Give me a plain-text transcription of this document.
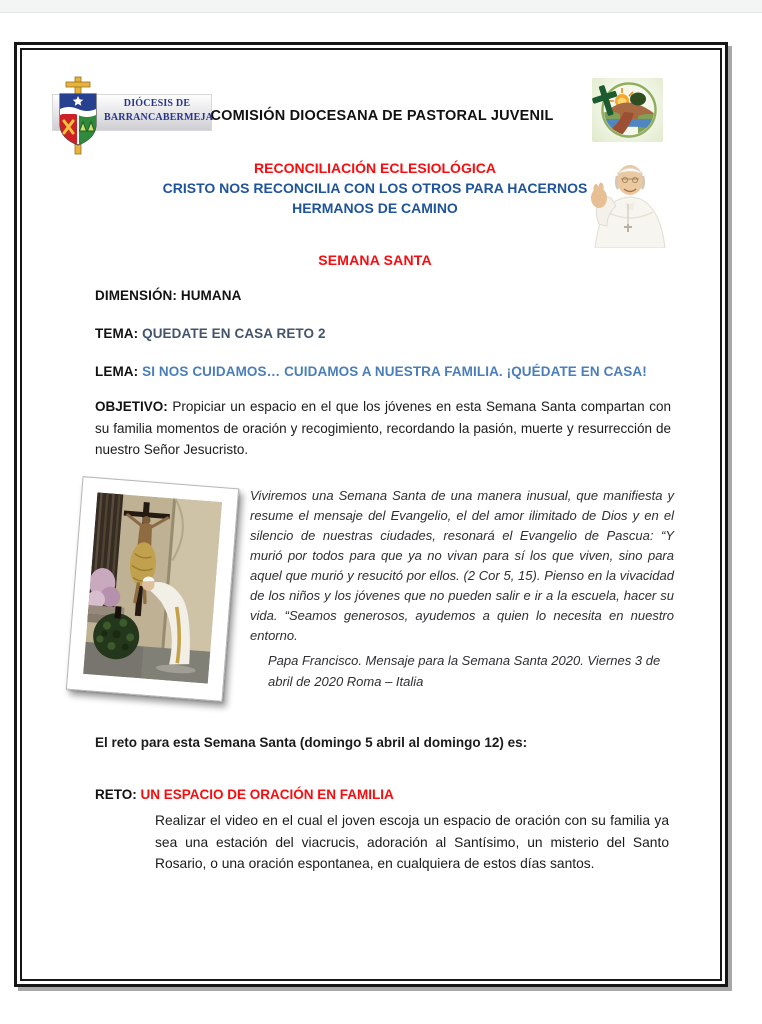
DIÓCESIS DE
BARRANCABERMEJA
COMISIÓN DIOCESANA DE PASTORAL JUVENIL
RECONCILIACIÓN ECLESIOLÓGICA
CRISTO NOS RECONCILIA CON LOS OTROS PARA HACERNOS
HERMANOS DE CAMINO
SEMANA SANTA
DIMENSIÓN: HUMANA
TEMA: QUEDATE EN CASA RETO 2
LEMA: SI NOS CUIDAMOS… CUIDAMOS A NUESTRA FAMILIA. ¡QUÉDATE EN CASA!

OBJETIVO: Propiciar un espacio en el que los jóvenes en esta Semana Santa compartan con su familia momentos de oración y recogimiento, recordando la pasión, muerte y resurrección de nuestro Señor Jesucristo.

Viviremos una Semana Santa de una manera inusual, que manifiesta y resume el mensaje del Evangelio, el del amor ilimitado de Dios y en el silencio de nuestras ciudades, resonará el Evangelio de Pascua: “Y murió por todos para que ya no vivan para sí los que viven, sino para aquel que murió y resucitó por ellos. (2 Cor 5, 15). Pienso en la vivacidad de los niños y los jóvenes que no pueden salir e ir a la escuela, hacer su vida. “Seamos generosos, ayudemos a quien lo necesita en nuestro entorno.

Papa Francisco. Mensaje para la Semana Santa 2020. Viernes 3 de abril de 2020 Roma – Italia

El reto para esta Semana Santa (domingo 5 abril al domingo 12) es:
RETO: UN ESPACIO DE ORACIÓN EN FAMILIA

Realizar el video en el cual el joven escoja un espacio de oración con su familia ya sea una estación del viacrucis, adoración al Santísimo, un misterio del Santo Rosario, o una oración espontanea, en cualquiera de estos días santos.
